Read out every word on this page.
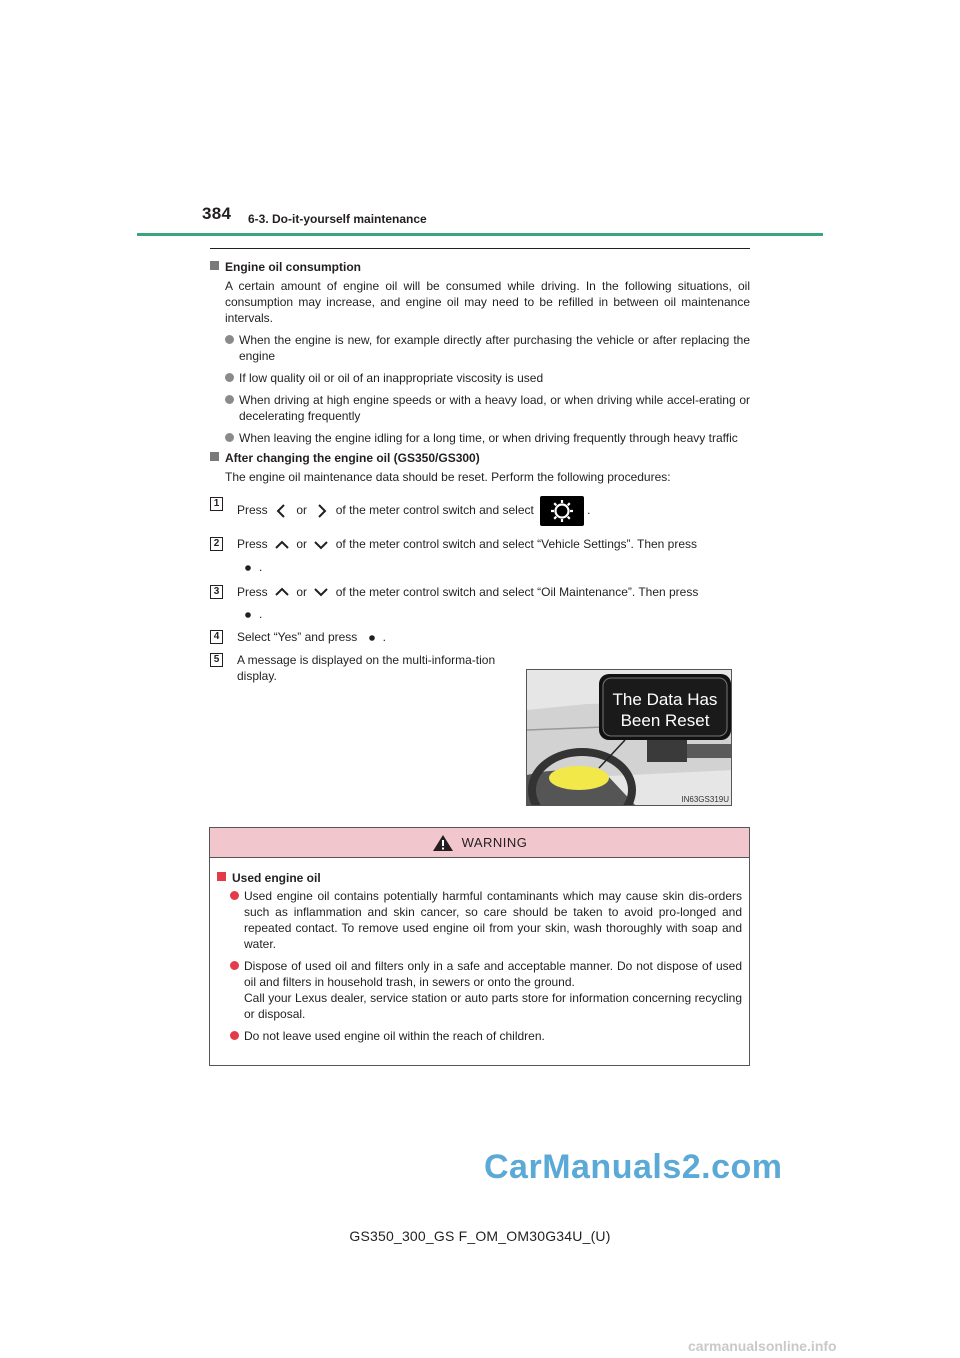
384 6-3. Do-it-yourself maintenance
Engine oil consumption

A certain amount of engine oil will be consumed while driving. In the following situations, oil consumption may increase, and engine oil may need to be refilled in between oil maintenance intervals.

When the engine is new, for example directly after purchasing the vehicle or after replacing the engine
If low quality oil or oil of an inappropriate viscosity is used
When driving at high engine speeds or with a heavy load, or when driving while accel-erating or decelerating frequently
When leaving the engine idling for a long time, or when driving frequently through heavy traffic
After changing the engine oil (GS350/GS300)

The engine oil maintenance data should be reset. Perform the following procedures:

1	Press or of the meter control switch and select	.
2	Press or of the meter control switch and select “Vehicle Settings”. Then press
.
3	Press or of the meter control switch and select “Oil Maintenance”. Then press
.
4	Select “Yes” and press .
5	A message is displayed on the multi-informa-tion display.
The Data Has
Been Reset
IN63GS319U
WARNING
Used engine oil
Used engine oil contains potentially harmful contaminants which may cause skin dis-orders such as inflammation and skin cancer, so care should be taken to avoid pro-longed and repeated contact. To remove used engine oil from your skin, wash thoroughly with soap and water.
Dispose of used oil and filters only in a safe and acceptable manner. Do not dispose of used oil and filters in household trash, in sewers or onto the ground.
Call your Lexus dealer, service station or auto parts store for information concerning recycling or disposal.
Do not leave used engine oil within the reach of children.
CarManuals2.com
GS350_300_GS F_OM_OM30G34U_(U)
carmanualsonline.info
